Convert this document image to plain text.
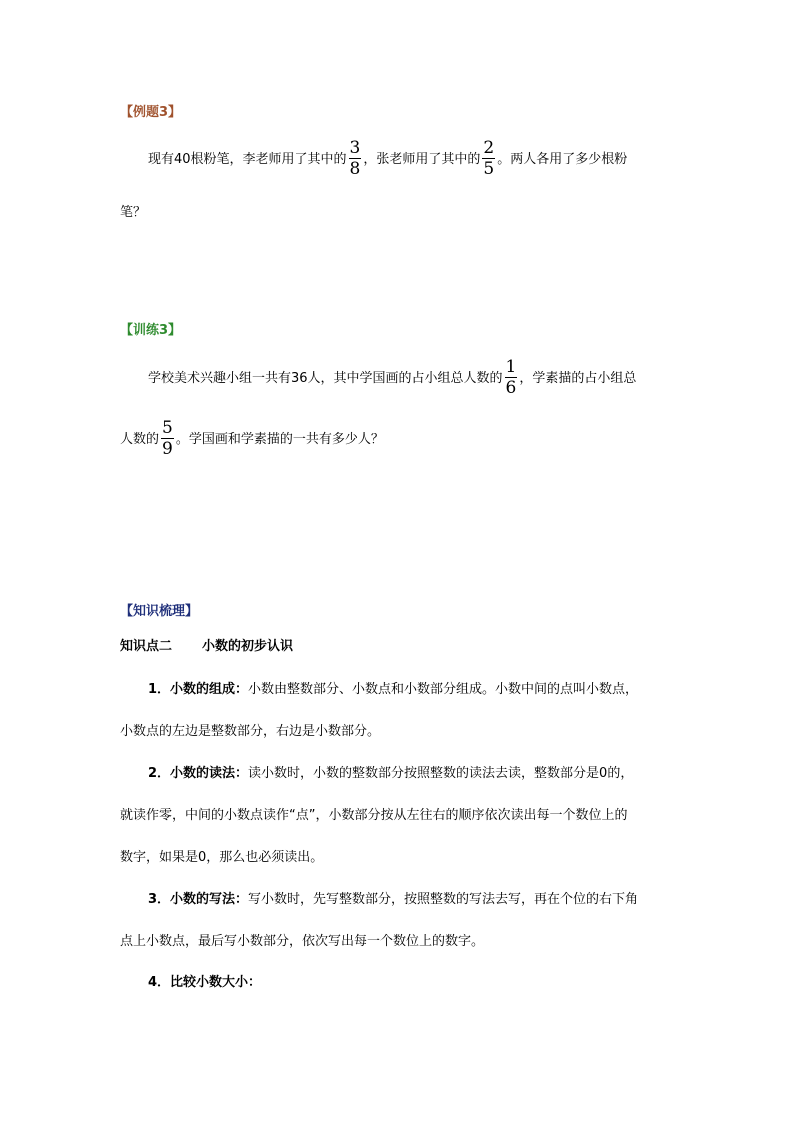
【例题3】
现有40根粉笔，李老师用了其中的 $\frac{3}{8}$ ，张老师用了其中的 $\frac{2}{5}$ 。两人各用了多少根粉
笔？
【训练3】
学校美术兴趣小组一共有36人，其中学国画的占小组总人数的 $\frac{1}{6}$ ，学素描的占小组总
人数的 $\frac{5}{9}$ 。学国画和学素描的一共有多少人？
【知识梳理】
知识点二 小数的初步认识
1．小数的组成：小数由整数部分、小数点和小数部分组成。小数中间的点叫小数点，
小数点的左边是整数部分，右边是小数部分。
2．小数的读法：读小数时，小数的整数部分按照整数的读法去读，整数部分是0的，
就读作零，中间的小数点读作“点”，小数部分按从左往右的顺序依次读出每一个数位上的
数字，如果是0，那么也必须读出。
3．小数的写法：写小数时，先写整数部分，按照整数的写法去写，再在个位的右下角
点上小数点，最后写小数部分，依次写出每一个数位上的数字。
4．比较小数大小：
